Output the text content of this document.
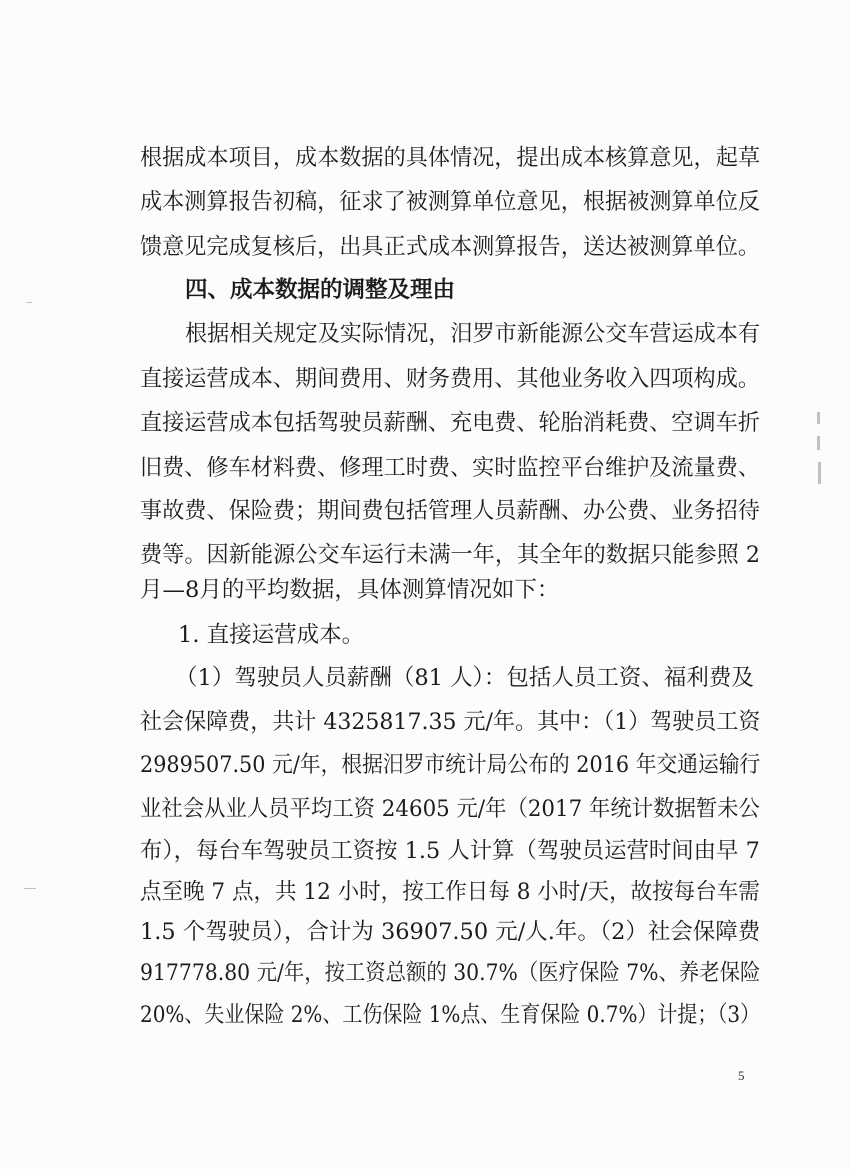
根据成本项目，成本数据的具体情况，提出成本核算意见，起草
成本测算报告初稿，征求了被测算单位意见，根据被测算单位反
馈意见完成复核后，出具正式成本测算报告，送达被测算单位。
四、成本数据的调整及理由
根据相关规定及实际情况，汨罗市新能源公交车营运成本有
直接运营成本、期间费用、财务费用、其他业务收入四项构成。
直接运营成本包括驾驶员薪酬、充电费、轮胎消耗费、空调车折
旧费、修车材料费、修理工时费、实时监控平台维护及流量费、
事故费、保险费；期间费包括管理人员薪酬、办公费、业务招待
费等。因新能源公交车运行未满一年，其全年的数据只能参照 2
月—8月的平均数据，具体测算情况如下：
1. 直接运营成本。
（1）驾驶员人员薪酬（81 人）：包括人员工资、福利费及
社会保障费，共计 4325817.35 元/年。其中：（1）驾驶员工资
2989507.50 元/年，根据汨罗市统计局公布的 2016 年交通运输行
业社会从业人员平均工资 24605 元/年（2017 年统计数据暂未公
布），每台车驾驶员工资按 1.5 人计算（驾驶员运营时间由早 7
点至晚 7 点，共 12 小时，按工作日每 8 小时/天，故按每台车需
1.5 个驾驶员），合计为 36907.50 元/人.年。（2）社会保障费
917778.80 元/年，按工资总额的 30.7%（医疗保险 7%、养老保险
20%、失业保险 2%、工伤保险 1%点、生育保险 0.7%）计提；（3）
5
